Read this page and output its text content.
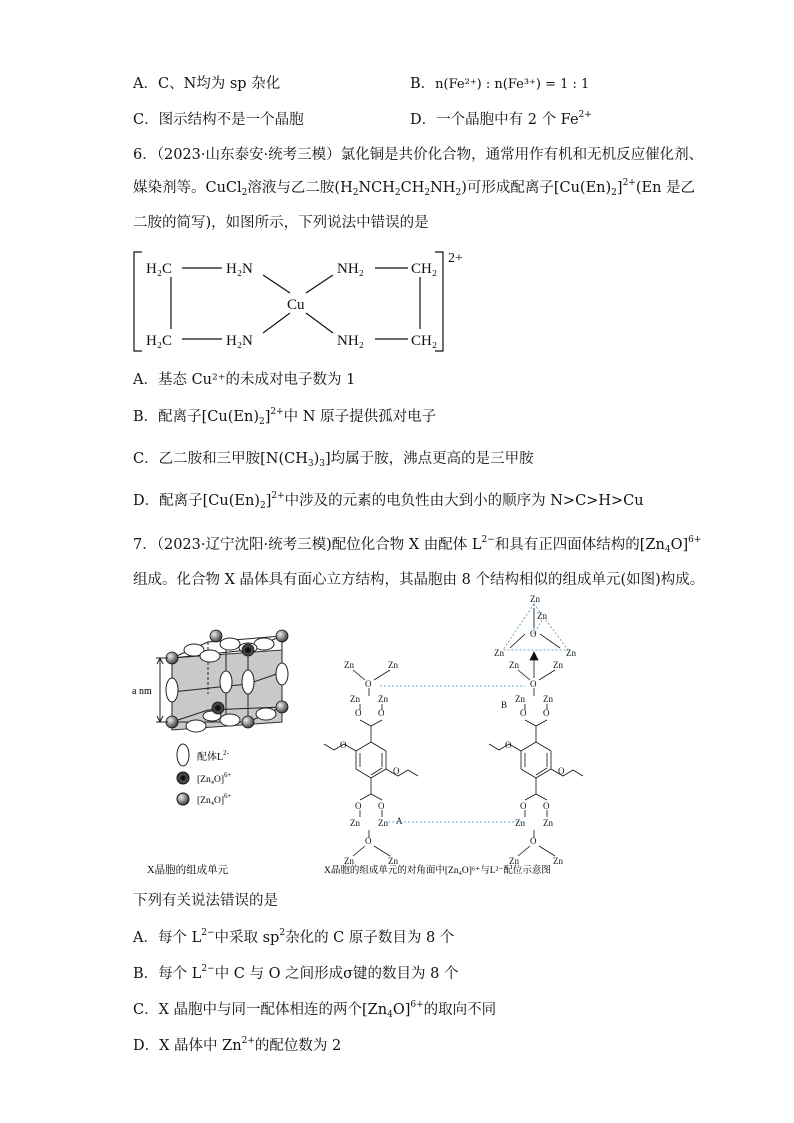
A．C、N均为 sp 杂化	B．n(Fe²⁺) : n(Fe³⁺) = 1 : 1
C．图示结构不是一个晶胞	D．一个晶胞中有 2 个 $Fe^{2+}$
6．（2023·山东泰安·统考三模）氯化铜是共价化合物，通常用作有机和无机反应催化剂、
媒染剂等。CuCl$_2$溶液与乙二胺$(H_2NCH_2CH_2NH_2)$可形成配离子$[Cu(En)_2]^{2+}(En$ 是乙
二胺的简写)，如图所示，下列说法中错误的是
H₂C	H₂N	NH₂	CH₂
Cu
H₂C	H₂N	NH₂	CH₂
2+
A．基态 Cu²⁺的未成对电子数为 1
B．配离子$[Cu(En)_2]^{2+}$中 N 原子提供孤对电子
C．乙二胺和三甲胺$[N(CH_3)_3]$均属于胺，沸点更高的是三甲胺
D．配离子$[Cu(En)_2]^{2+}$中涉及的元素的电负性由大到小的顺序为 N>C>H>Cu
7．（2023·辽宁沈阳·统考三模)配位化合物 X 由配体 $L^{2-}$和具有正四面体结构的$[Zn_4O]^{6+}$
组成。化合物 X 晶体具有面心立方结构，其晶胞由 8 个结构相似的组成单元(如图)构成。
a nm
配体$L^{2-}$
$[Zn_4O]^{6+}$
$[Zn_4O]^{6+}$
X晶胞的组成单元
Zn
Zn
O
Zn	Zn
Zn	Zn
O
Zn Zn
O O
O
O
O O
Zn Zn
O
Zn	Zn
A
Zn	Zn
O
Zn Zn
O O
B
O
O
O O
Zn Zn
O
Zn	Zn
X晶胞的组成单元的对角面中[Zn₄O]⁶⁺与L²⁻配位示意图
下列有关说法错误的是
A．每个 $L^{2-}$中采取 $sp^2$杂化的 C 原子数目为 8 个
B．每个 $L^{2-}$中 C 与 O 之间形成σ键的数目为 8 个
C．X 晶胞中与同一配体相连的两个$[Zn_4O]^{6+}$的取向不同
D．X 晶体中 $Zn^{2+}$的配位数为 2
